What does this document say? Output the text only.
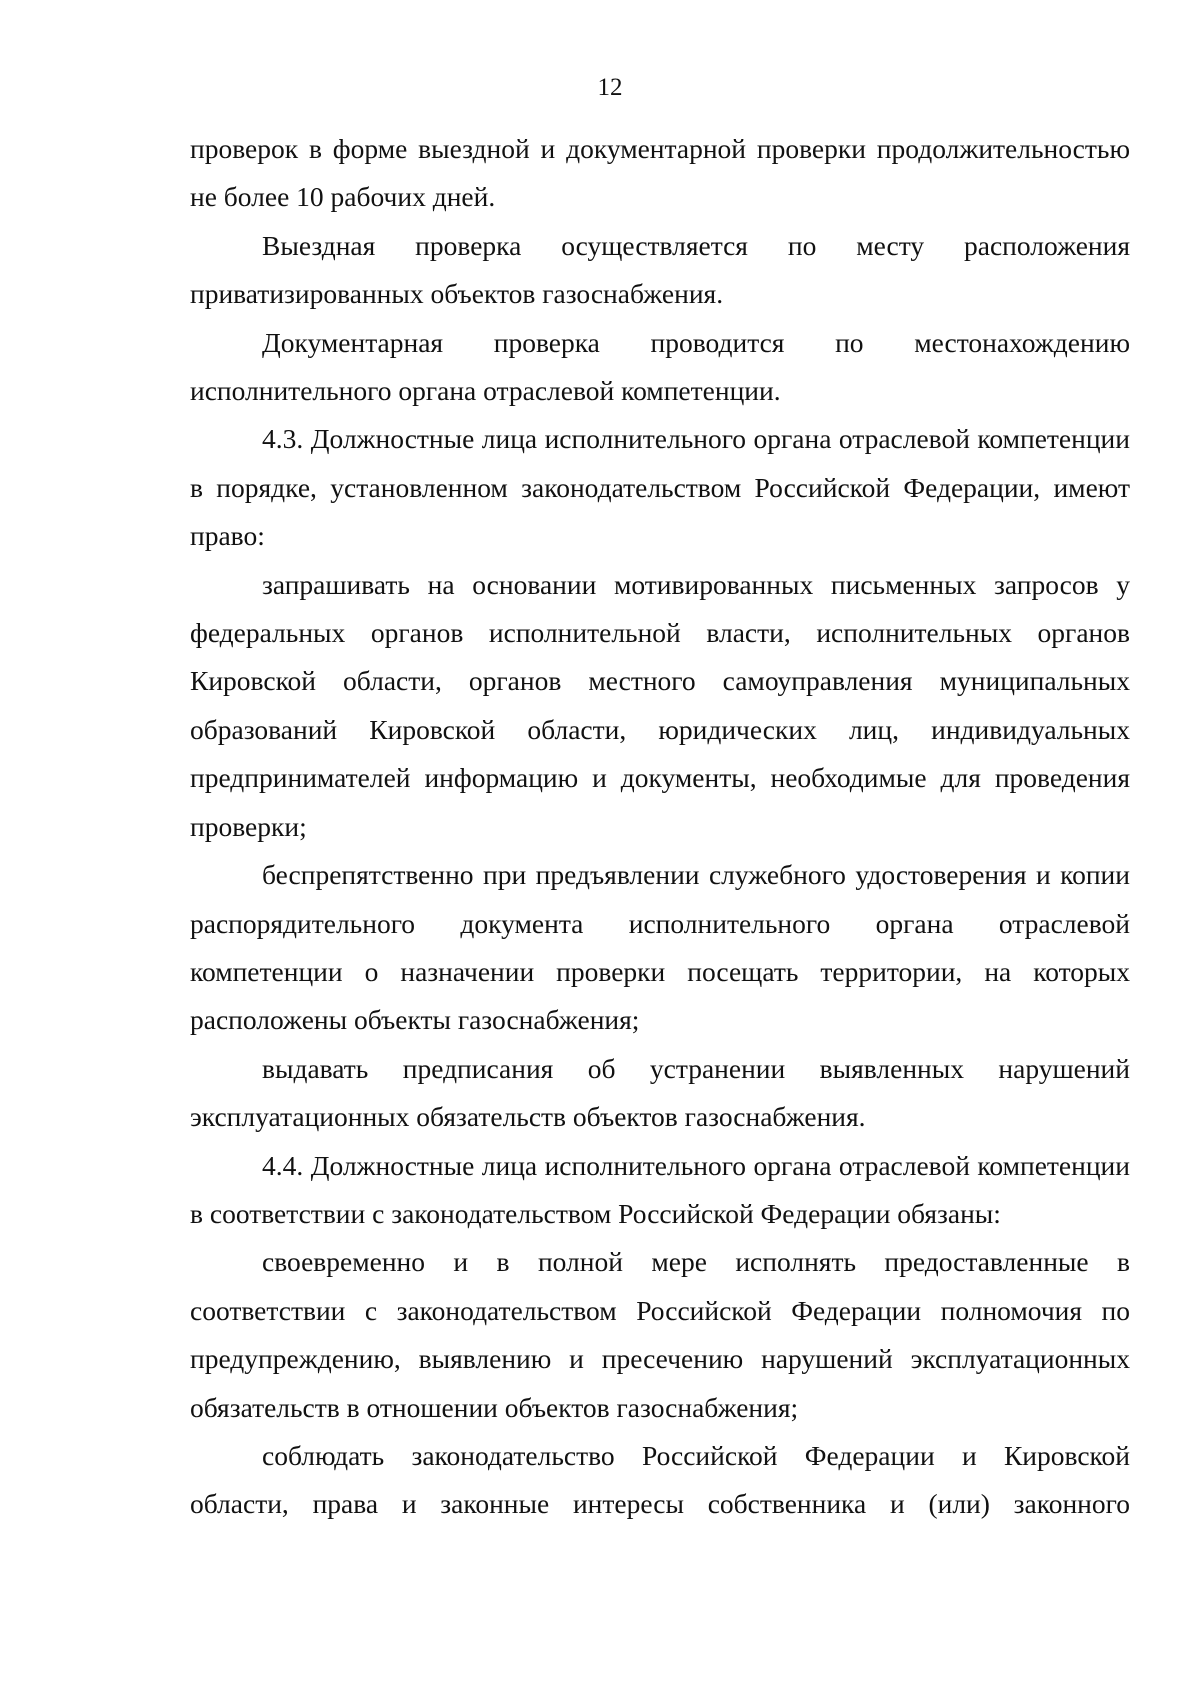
12

проверок в форме выездной и документарной проверки продолжительностью не более 10 рабочих дней.

Выездная проверка осуществляется по месту расположения приватизированных объектов газоснабжения.

Документарная проверка проводится по местонахождению исполнительного органа отраслевой компетенции.

4.3. Должностные лица исполнительного органа отраслевой компетенции в порядке, установленном законодательством Российской Федерации, имеют право:

запрашивать на основании мотивированных письменных запросов у федеральных органов исполнительной власти, исполнительных органов Кировской области, органов местного самоуправления муниципальных образований Кировской области, юридических лиц, индивидуальных предпринимателей информацию и документы, необходимые для проведения проверки;

беспрепятственно при предъявлении служебного удостоверения и копии распорядительного документа исполнительного органа отраслевой компетенции о назначении проверки посещать территории, на которых расположены объекты газоснабжения;

выдавать предписания об устранении выявленных нарушений эксплуатационных обязательств объектов газоснабжения.

4.4. Должностные лица исполнительного органа отраслевой компетенции в соответствии с законодательством Российской Федерации обязаны:

своевременно и в полной мере исполнять предоставленные в соответствии с законодательством Российской Федерации полномочия по предупреждению, выявлению и пресечению нарушений эксплуатационных обязательств в отношении объектов газоснабжения;

соблюдать законодательство Российской Федерации и Кировской области, права и законные интересы собственника и (или) законного
